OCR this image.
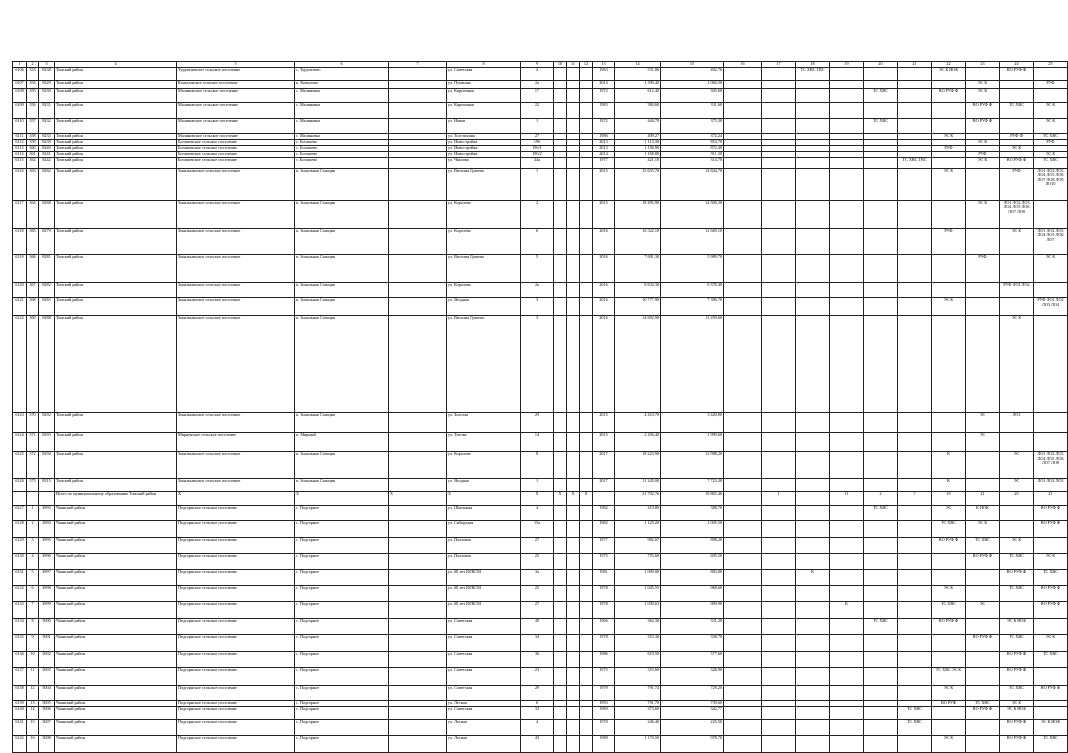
1	2	3	4	5	6	7	8	9	10	11	12	13	14	15	16	17	18	19	20	21	22	23	24	25	
6106	353	8238	Томский район	Турунтаевское сельское поселение	с. Турунтаево		ул. Советская	4				1963	531,86	492,76			ТС ХВС ГВС				ЭС К НОК		ВО РУФ Ф		
6107	354	8229	Томский район	Копыловское сельское поселение	п. Копылово		ул. Пушкина	2а				2014	1 390,40	1 066,50								ЭС К		РУФ	
6108	355	8230	Томский район	Малиновское сельское поселение	с. Малиновка		ул. Кирпичная	17				1972	612,40	505,60					ТС ХВС		ВО РУФ Ф	ЭС К			
6109	356	8231	Томский район	Малиновское сельское поселение	с. Малиновка		ул. Кирпичная	22				1983	384,60	331,60								ВО РУФ Ф	ТС ХВС	ЭС К	
6110	357	8232	Томский район	Малиновское сельское поселение	с. Малиновка		ул. Новая	1				1972	444,70	375,30					ТС ХВС			ВО РУФ Ф		ЭС К	
6111	358	8233	Томский район	Малиновское сельское поселение	с. Малиновка		ул. Толстихина	27				1986	409,27	372,24							ЭС К		РУФ Ф	ТС ХВС	
6112	359	8239	Томский район	Богашевское сельское поселение	с. Богашево		ул. Новостройка	19б				2013	1 113,30	853,70								ЭС К		РУФ	
6113	360	8240	Томский район	Богашевское сельское поселение	с. Богашево		ул. Новостройка	19б/1				2013	1 156,90	872,40							РУФ		ЭС К		
6114	361	8241	Томский район	Богашевское сельское поселение	с. Богашево		ул. Новостройка	19б/2				2014	1 168,80	911,30								РУФ		ЭС К	
6115	362	8242	Томский район	Богашевское сельское поселение	с. Богашево		ул. Чкалова	24а				1977	421,10	314,70						ТС ХВС ГВС		ЭС К	ВО РУФ Ф	ТС ХВС	
6116	363	8262	Томский район	Зональненское сельское поселение	п. Зональная Станция		ул. Виталия Грачева	1				2015	15 655,70	14 844,70							ЭС К		РУФ	ЛО1 ЛО2 ЛО3 ЛО4 ЛО5 ЛО6 ЛО7 ЛО8 ЛО9 ЛО10	
6117	364	8268	Томский район	Зональненское сельское поселение	п. Зональная Станция		ул. Королева	2				2015	18 495,90	14 500,30								ЭС К	ЛО1 ЛО2 ЛО3 ЛО4 ЛО5 ЛО6 ЛО7 ЛО8		
6118	365	8279	Томский район	Зональненское сельское поселение	п. Зональная Станция		ул. Королева	6				2016	16 322,10	12 669,10							РУФ		ЭС К	ЛО1 ЛО2 ЛО3 ЛО4 ЛО5 ЛО6 ЛО7	
6119	366	8281	Томский район	Зональненское сельское поселение	п. Зональная Станция		ул. Виталия Грачева	5				2016	7 691,30	5 989,70								РУФ		ЭС К	
6120	367	8282	Томский район	Зональненское сельское поселение	п. Зональная Станция		ул. Королева	2а				2016	8 634,30	6 378,40									РУФ ЛО1 ЛО2		
6121	368	8283	Томский район	Зональненское сельское поселение	п. Зональная Станция		ул. Ягодная	3				2016	10 777,90	7 396,70							ЭС К			РУФ ЛО1 ЛО2 ЛО3 ЛО4	
6122	369	8288	Томский район	Зональненское сельское поселение	п. Зональная Станция		ул. Виталия Грачева	3				2016	14 692,90	11 459,60									ЭС К		
6123	370	8292	Томский район	Зональненское сельское поселение	п. Зональная Станция		ул. Золотая	29				2015	4 410,70	3 420,00								ЭС	ЛО1		
6124	371	8293	Томский район	Мирненское сельское поселение	п. Мирный		ул. Титова	14				2015	2 456,40	1 999,60								ЭС			
6125	372	8294	Томский район	Зональненское сельское поселение	п. Зональная Станция		ул. Королева	8				2017	18 223,90	12 988,20							К		ЭС	ЛО1 ЛО2 ЛО3 ЛО4 ЛО5 ЛО6 ЛО7 ЛО8	
6126	373	8315	Томский район	Зональненское сельское поселение	п. Зональная Станция		ул. Ягодная	1				2017	11 245,00	7 723,20							К		ЭС	ЛО1 ЛО2 ЛО3	
			Итого по муниципальному образованию Томский район	Х	Х	Х	Х	Х	Х	Х	Х		21 792,76	18 865,46		1		11	2	7	19	21	20	21	
6127	1	4993	Чаинский район	Подгорнское сельское поселение	с. Подгорное		ул. Школьная	4				1982	419,80	388,70					ТС ХВС		ЭС	К НОК		ВО РУФ Ф	
6128	2	4994	Чаинский район	Подгорнское сельское поселение	с. Подгорное		ул. Сибирская	15а				1982	1 125,20	1 005,50							ТС ХВС	ЭС К		ВО РУФ Ф	
6129	3	4995	Чаинский район	Подгорнское сельское поселение	с. Подгорное		ул. Почтовая	27				1977	982,07	898,20							ВО РУФ Ф	ТС ХВС	ЭС К		
6130	4	4996	Чаинский район	Подгорнское сельское поселение	с. Подгорное		ул. Почтовая	25				1975	755,60	695,50								ВО РУФ Ф	ТС ХВС	ЭС К	
6131	5	4997	Чаинский район	Подгорнское сельское поселение	с. Подгорное		ул. 60 лет ВЛКСМ	3а				1981	1 009,00	883,80			К						ВО РУФ Ф	ТС ХВС	
6132	6	4998	Чаинский район	Подгорнское сельское поселение	с. Подгорное		ул. 60 лет ВЛКСМ	25				1978	1 045,55	968,60							ЭС К		ТС ХВС	ВО РУФ Ф	
6133	7	4999	Чаинский район	Подгорнское сельское поселение	с. Подгорное		ул. 60 лет ВЛКСМ	27				1978	1 030,63	909,90				К			ТС ХВС	ЭС		ВО РУФ Ф	
6134	8	5000	Чаинский район	Подгорнское сельское поселение	с. Подгорное		ул. Советская	40				1966	362,30	331,20					ТС ХВС		ВО РУФ Ф		ЭС К НОК		
6135	9	5001	Чаинский район	Подгорнское сельское поселение	с. Подгорное		ул. Советская	34				1978	353,30	338,70								ВО РУФ Ф	ТС ХВС	ЭС К	
6136	10	5002	Чаинский район	Подгорнское сельское поселение	с. Подгорное		ул. Советская	36				1986	619,50	577,60									ВО РУФ Ф	ТС ХВС	
6137	11	5003	Чаинский район	Подгорнское сельское поселение	с. Подгорное		ул. Советская	23				1975	353,60	328,90							ТС ХВС ЭС К		ВО РУФ Ф		
6138	12	5004	Чаинский район	Подгорнское сельское поселение	с. Подгорное		ул. Советская	29				1979	791,74	729,20							ЭС К		ТС ХВС	ВО РУФ Ф	
6139	13	5005	Чаинский район	Подгорнское сельское поселение	с. Подгорное		ул. Лесная	6				1993	791,70	739,60							ВО РУФ	ТС ХВС	ЭС К		
6140	14	5006	Чаинский район	Подгорнское сельское поселение	с. Подгорное		ул. Советская	33				1969	373,60	342,77						ТС ХВС		ВО РУФ Ф	ЭС К НОК		
6141	15	5007	Чаинский район	Подгорнское сельское поселение	с. Подгорное		ул. Лесная	4				1970	246,40	225,50						ТС ХВС			ВО РУФ Ф	ЭС К НОК	
6142	16	5008	Чаинский район	Подгорнское сельское поселение	с. Подгорное		ул. Лесная	43				1980	1 170,50	978,70							ЭС К		ВО РУФ Ф	ТС ХВС	
